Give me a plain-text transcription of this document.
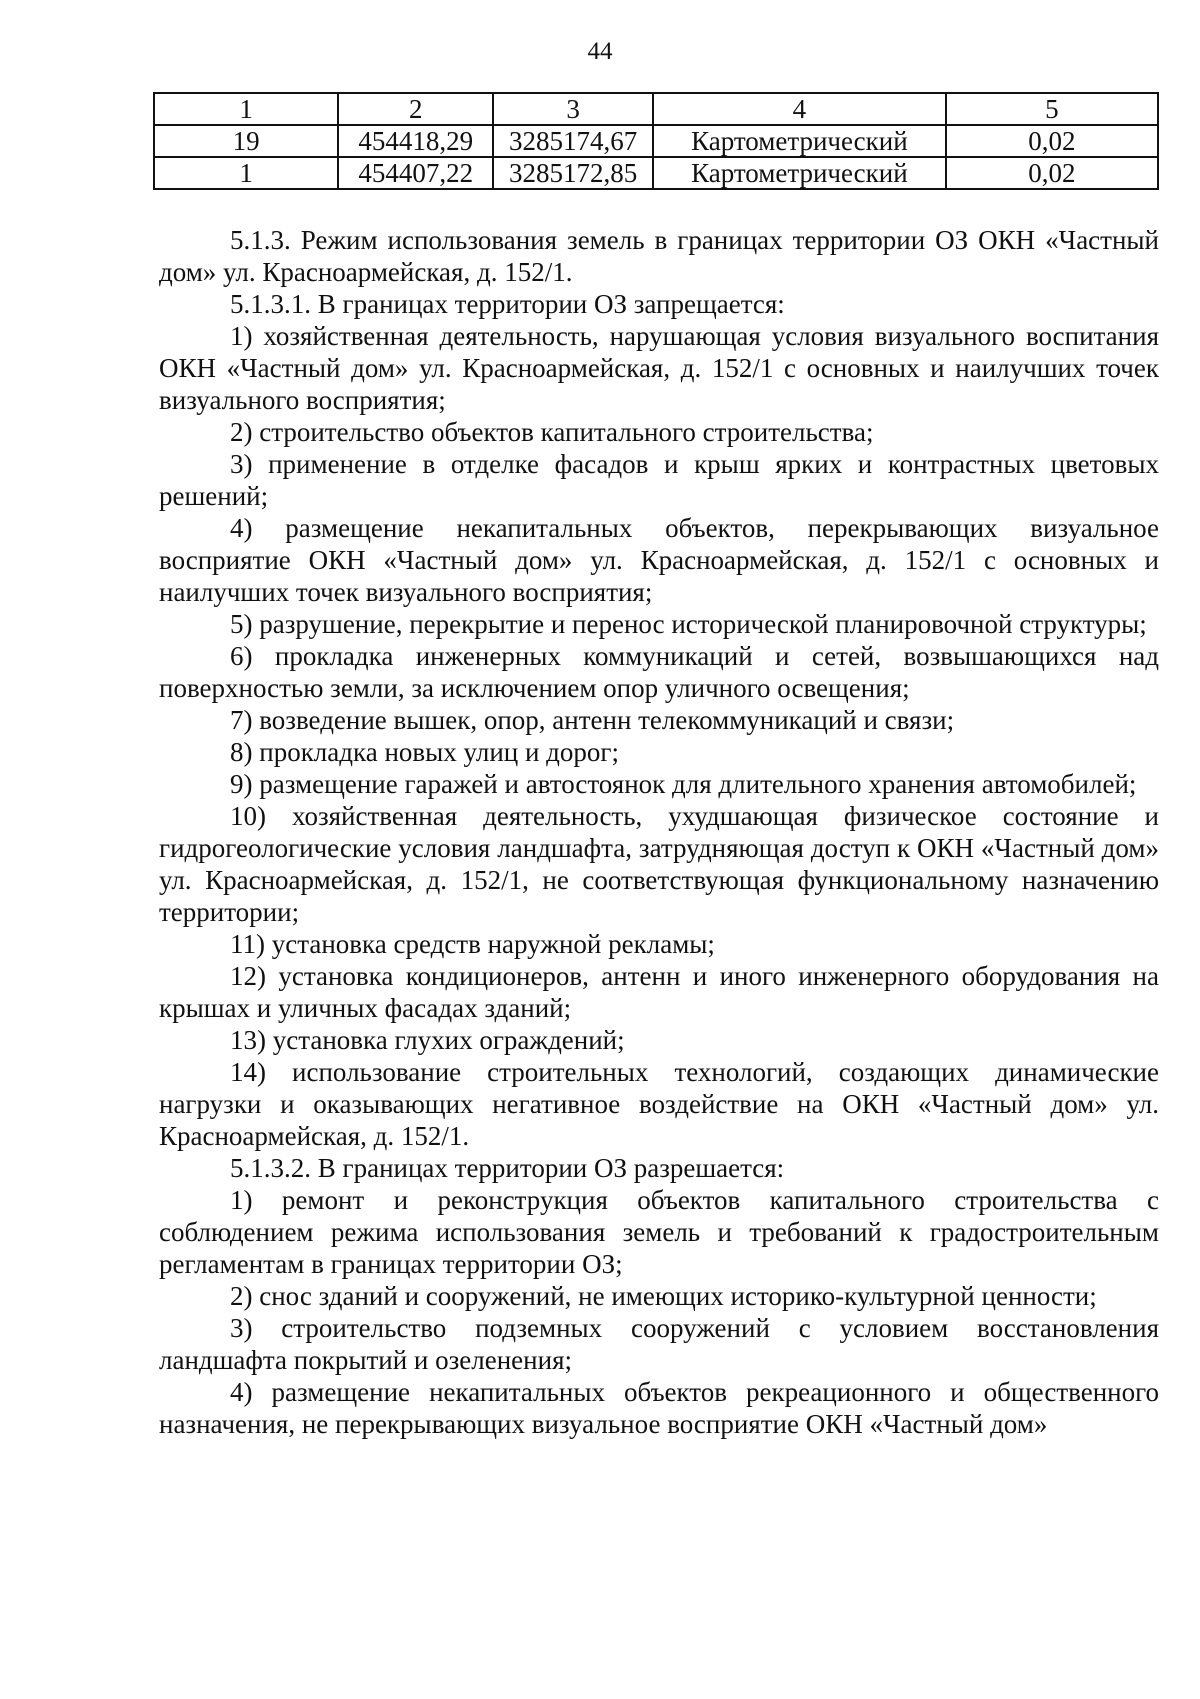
44
1	2	3	4	5
19	454418,29	3285174,67	Картометрический	0,02
1	454407,22	3285172,85	Картометрический	0,02

5.1.3. Режим использования земель в границах территории ОЗ ОКН «Частный дом» ул. Красноармейская, д. 152/1.

5.1.3.1. В границах территории ОЗ запрещается:

1) хозяйственная деятельность, нарушающая условия визуального воспитания ОКН «Частный дом» ул. Красноармейская, д. 152/1 с основных и наилучших точек визуального восприятия;

2) строительство объектов капитального строительства;

3) применение в отделке фасадов и крыш ярких и контрастных цветовых решений;

4) размещение некапитальных объектов, перекрывающих визуальное восприятие ОКН «Частный дом» ул. Красноармейская, д. 152/1 с основных и наилучших точек визуального восприятия;

5) разрушение, перекрытие и перенос исторической планировочной структуры;

6) прокладка инженерных коммуникаций и сетей, возвышающихся над поверхностью земли, за исключением опор уличного освещения;

7) возведение вышек, опор, антенн телекоммуникаций и связи;

8) прокладка новых улиц и дорог;

9) размещение гаражей и автостоянок для длительного хранения автомобилей;

10) хозяйственная деятельность, ухудшающая физическое состояние и гидрогеологические условия ландшафта, затрудняющая доступ к ОКН «Частный дом» ул. Красноармейская, д. 152/1, не соответствующая функциональному назначению территории;

11) установка средств наружной рекламы;

12) установка кондиционеров, антенн и иного инженерного оборудования на крышах и уличных фасадах зданий;

13) установка глухих ограждений;

14) использование строительных технологий, создающих динамические нагрузки и оказывающих негативное воздействие на ОКН «Частный дом» ул. Красноармейская, д. 152/1.

5.1.3.2. В границах территории ОЗ разрешается:

1) ремонт и реконструкция объектов капитального строительства с соблюдением режима использования земель и требований к градостроительным регламентам в границах территории ОЗ;

2) снос зданий и сооружений, не имеющих историко-культурной ценности;

3) строительство подземных сооружений с условием восстановления ландшафта покрытий и озеленения;

4) размещение некапитальных объектов рекреационного и общественного назначения, не перекрывающих визуальное восприятие ОКН «Частный дом»
